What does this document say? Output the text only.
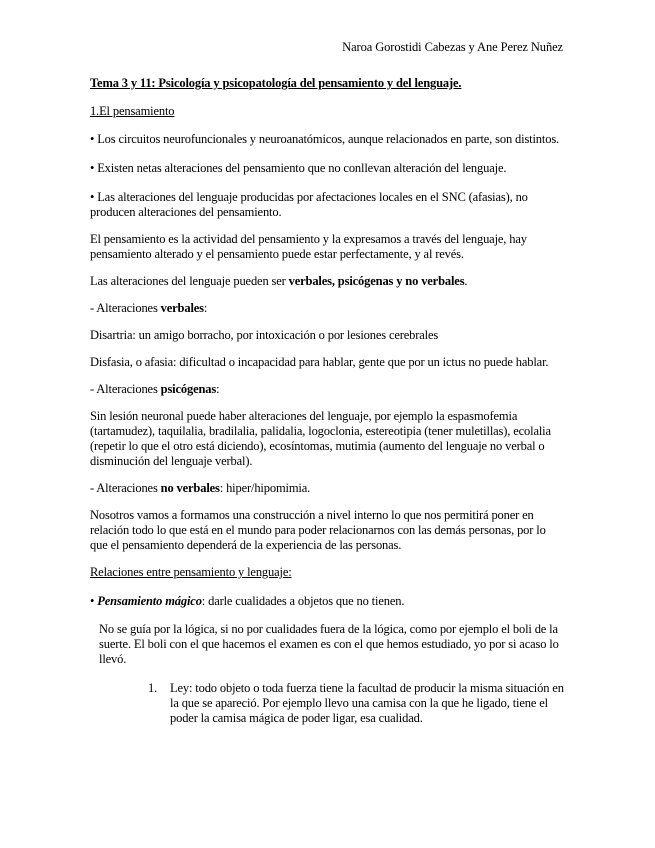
Naroa Gorostidi Cabezas y Ane Perez Nuñez

Tema 3 y 11: Psicología y psicopatología del pensamiento y del lenguaje.

1.El pensamiento

• Los circuitos neurofuncionales y neuroanatómicos, aunque relacionados en parte, son distintos.

• Existen netas alteraciones del pensamiento que no conllevan alteración del lenguaje.

• Las alteraciones del lenguaje producidas por afectaciones locales en el SNC (afasias), no producen alteraciones del pensamiento.

El pensamiento es la actividad del pensamiento y la expresamos a través del lenguaje, hay pensamiento alterado y el pensamiento puede estar perfectamente, y al revés.

Las alteraciones del lenguaje pueden ser verbales, psicógenas y no verbales.

- Alteraciones verbales:

Disartria: un amigo borracho, por intoxicación o por lesiones cerebrales

Disfasia, o afasia: dificultad o incapacidad para hablar, gente que por un ictus no puede hablar.

- Alteraciones psicógenas:

Sin lesión neuronal puede haber alteraciones del lenguaje, por ejemplo la espasmofemia (tartamudez), taquilalia, bradilalia, palidalia, logoclonia, estereotipia (tener muletillas), ecolalia (repetir lo que el otro está diciendo), ecosíntomas, mutimia (aumento del lenguaje no verbal o disminución del lenguaje verbal).

- Alteraciones no verbales: hiper/hipomimia.

Nosotros vamos a formamos una construcción a nivel interno lo que nos permitirá poner en relación todo lo que está en el mundo para poder relacionarnos con las demás personas, por lo que el pensamiento dependerá de la experiencia de las personas.

Relaciones entre pensamiento y lenguaje:

• Pensamiento mágico: darle cualidades a objetos que no tienen.

No se guía por la lógica, si no por cualidades fuera de la lógica, como por ejemplo el boli de la suerte. El boli con el que hacemos el examen es con el que hemos estudiado, yo por si acaso lo llevó.

1.	Ley: todo objeto o toda fuerza tiene la facultad de producir la misma situación en la que se apareció. Por ejemplo llevo una camisa con la que he ligado, tiene el poder la camisa mágica de poder ligar, esa cualidad.
